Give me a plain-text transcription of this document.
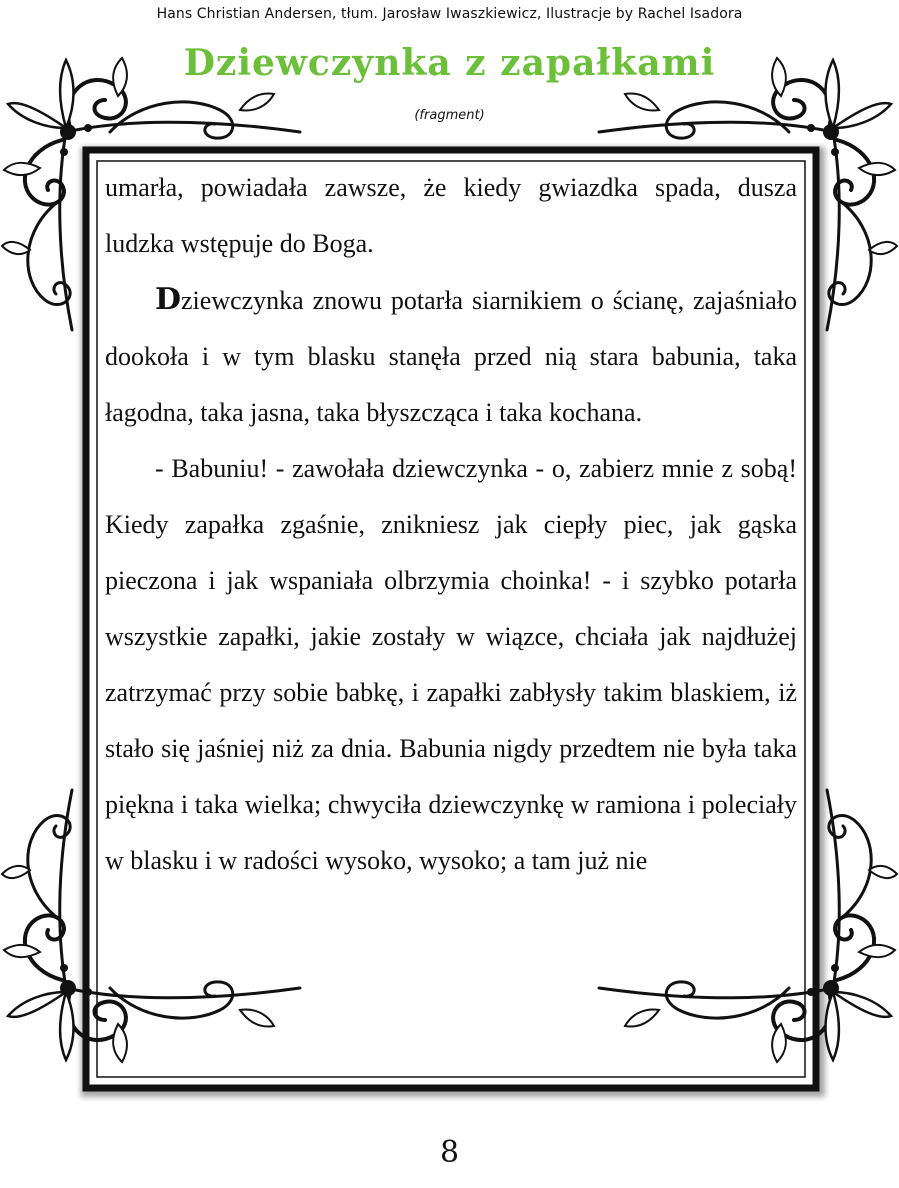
Hans Christian Andersen, tłum. Jarosław Iwaszkiewicz, Ilustracje by Rachel Isadora
Dziewczynka z zapałkami
(fragment)

umarła, powiadała zawsze, że kiedy gwiazdka spada, dusza ludzka wstępuje do Boga.

Dziewczynka znowu potarła siarnikiem o ścianę, zajaśniało dookoła i w tym blasku stanęła przed nią stara babunia, taka łagodna, taka jasna, taka błyszcząca i taka kochana.

- Babuniu! - zawołała dziewczynka - o, zabierz mnie z sobą! Kiedy zapałka zgaśnie, znikniesz jak ciepły piec, jak gąska pieczona i jak wspaniała olbrzymia choinka! - i szybko potarła wszystkie zapałki, jakie zostały w wiązce, chciała jak najdłużej zatrzymać przy sobie babkę, i zapałki zabłysły takim blaskiem, iż stało się jaśniej niż za dnia. Babunia nigdy przedtem nie była taka piękna i taka wielka; chwyciła dziewczynkę w ramiona i poleciały w blasku i w radości wysoko, wysoko; a tam już nie

8
